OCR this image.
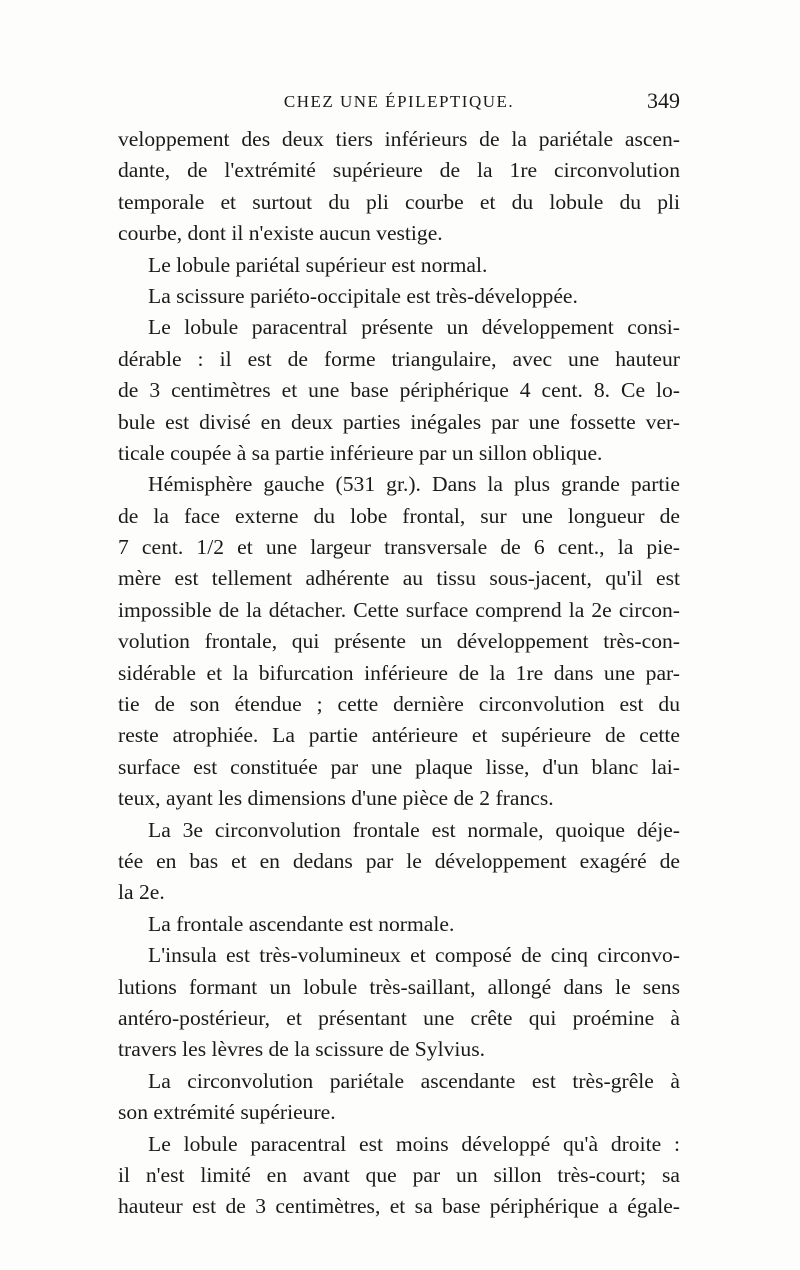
CHEZ UNE ÉPILEPTIQUE.	349
veloppement des deux tiers inférieurs de la pariétale ascen-
dante, de l'extrémité supérieure de la 1re circonvolution
temporale et surtout du pli courbe et du lobule du pli
courbe, dont il n'existe aucun vestige.
Le lobule pariétal supérieur est normal.
La scissure pariéto-occipitale est très-développée.
Le lobule paracentral présente un développement consi-
dérable : il est de forme triangulaire, avec une hauteur
de 3 centimètres et une base périphérique 4 cent. 8. Ce lo-
bule est divisé en deux parties inégales par une fossette ver-
ticale coupée à sa partie inférieure par un sillon oblique.
Hémisphère gauche (531 gr.). Dans la plus grande partie
de la face externe du lobe frontal, sur une longueur de
7 cent. 1/2 et une largeur transversale de 6 cent., la pie-
mère est tellement adhérente au tissu sous-jacent, qu'il est
impossible de la détacher. Cette surface comprend la 2e circon-
volution frontale, qui présente un développement très-con-
sidérable et la bifurcation inférieure de la 1re dans une par-
tie de son étendue ; cette dernière circonvolution est du
reste atrophiée. La partie antérieure et supérieure de cette
surface est constituée par une plaque lisse, d'un blanc lai-
teux, ayant les dimensions d'une pièce de 2 francs.
La 3e circonvolution frontale est normale, quoique déje-
tée en bas et en dedans par le développement exagéré de
la 2e.
La frontale ascendante est normale.
L'insula est très-volumineux et composé de cinq circonvo-
lutions formant un lobule très-saillant, allongé dans le sens
antéro-postérieur, et présentant une crête qui proémine à
travers les lèvres de la scissure de Sylvius.
La circonvolution pariétale ascendante est très-grêle à
son extrémité supérieure.
Le lobule paracentral est moins développé qu'à droite :
il n'est limité en avant que par un sillon très-court; sa
hauteur est de 3 centimètres, et sa base périphérique a égale-
